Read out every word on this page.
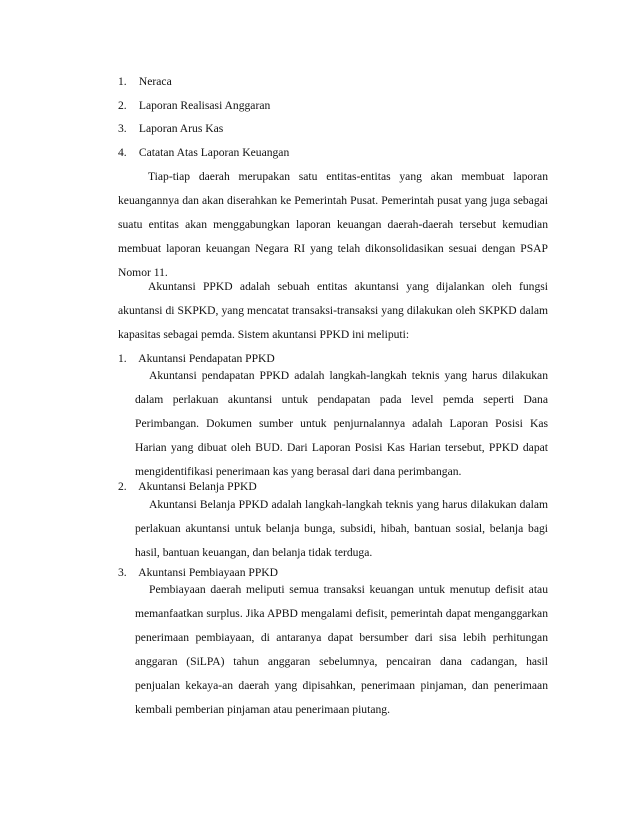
1. Neraca
2. Laporan Realisasi Anggaran
3. Laporan Arus Kas
4. Catatan Atas Laporan Keuangan

Tiap-tiap daerah merupakan satu entitas-entitas yang akan membuat laporan keuangannya dan akan diserahkan ke Pemerintah Pusat. Pemerintah pusat yang juga sebagai suatu entitas akan menggabungkan laporan keuangan daerah-daerah tersebut kemudian membuat laporan keuangan Negara RI yang telah dikonsolidasikan sesuai dengan PSAP Nomor 11.

Akuntansi PPKD adalah sebuah entitas akuntansi yang dijalankan oleh fungsi akuntansi di SKPKD, yang mencatat transaksi-transaksi yang dilakukan oleh SKPKD dalam kapasitas sebagai pemda. Sistem akuntansi PPKD ini meliputi:

1. Akuntansi Pendapatan PPKD

Akuntansi pendapatan PPKD adalah langkah-langkah teknis yang harus dilakukan dalam perlakuan akuntansi untuk pendapatan pada level pemda seperti Dana Perimbangan. Dokumen sumber untuk penjurnalannya adalah Laporan Posisi Kas Harian yang dibuat oleh BUD. Dari Laporan Posisi Kas Harian tersebut, PPKD dapat mengidentifikasi penerimaan kas yang berasal dari dana perimbangan.

2. Akuntansi Belanja PPKD

Akuntansi Belanja PPKD adalah langkah-langkah teknis yang harus dilakukan dalam perlakuan akuntansi untuk belanja bunga, subsidi, hibah, bantuan sosial, belanja bagi hasil, bantuan keuangan, dan belanja tidak terduga.

3. Akuntansi Pembiayaan PPKD

Pembiayaan daerah meliputi semua transaksi keuangan untuk menutup defisit atau memanfaatkan surplus. Jika APBD mengalami defisit, pemerintah dapat menganggarkan penerimaan pembiayaan, di antaranya dapat bersumber dari sisa lebih perhitungan anggaran (SiLPA) tahun anggaran sebelumnya, pencairan dana cadangan, hasil penjualan kekaya-an daerah yang dipisahkan, penerimaan pinjaman, dan penerimaan kembali pemberian pinjaman atau penerimaan piutang.
